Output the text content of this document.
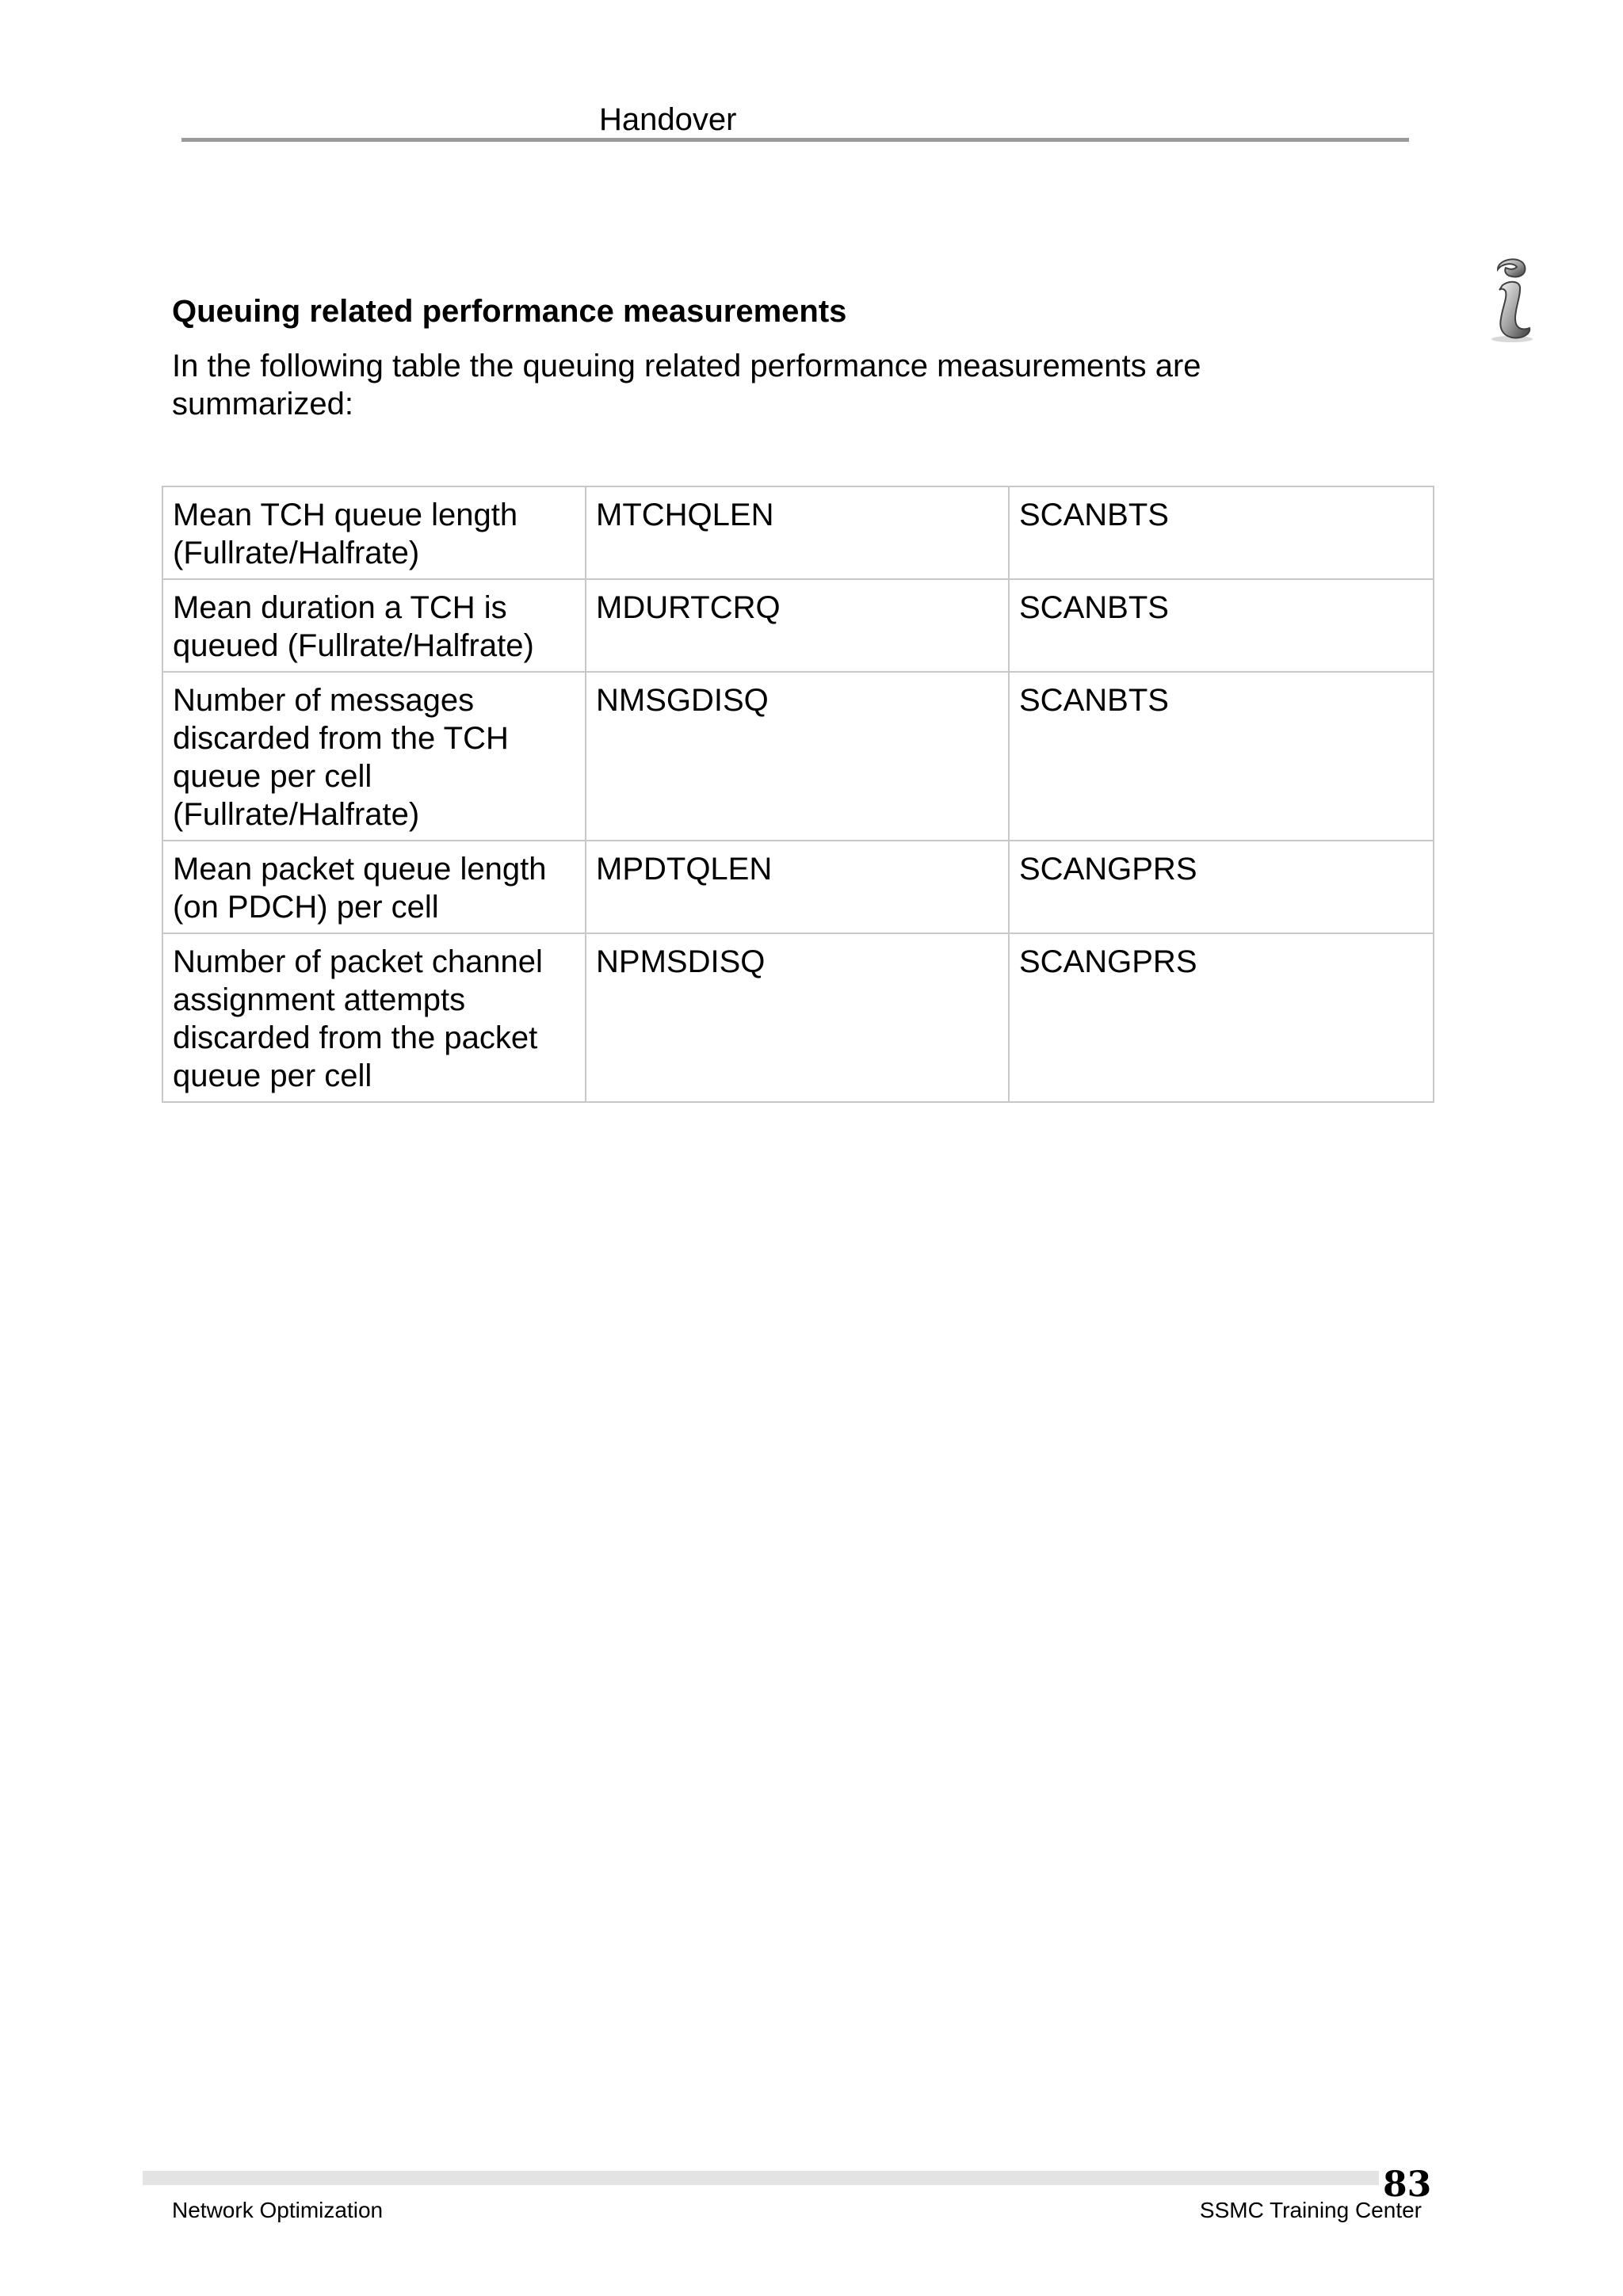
Handover
Queuing related performance measurements
In the following table the queuing related performance measurements are summarized:
Mean TCH queue length (Fullrate/Halfrate)	MTCHQLEN	SCANBTS
Mean duration a TCH is queued (Fullrate/Halfrate)	MDURTCRQ	SCANBTS
Number of messages discarded from the TCH queue per cell (Fullrate/Halfrate)	NMSGDISQ	SCANBTS
Mean packet queue length (on PDCH) per cell	MPDTQLEN	SCANGPRS
Number of packet channel assignment attempts discarded from the packet queue per cell	NPMSDISQ	SCANGPRS
83
Network Optimization	SSMC Training Center
